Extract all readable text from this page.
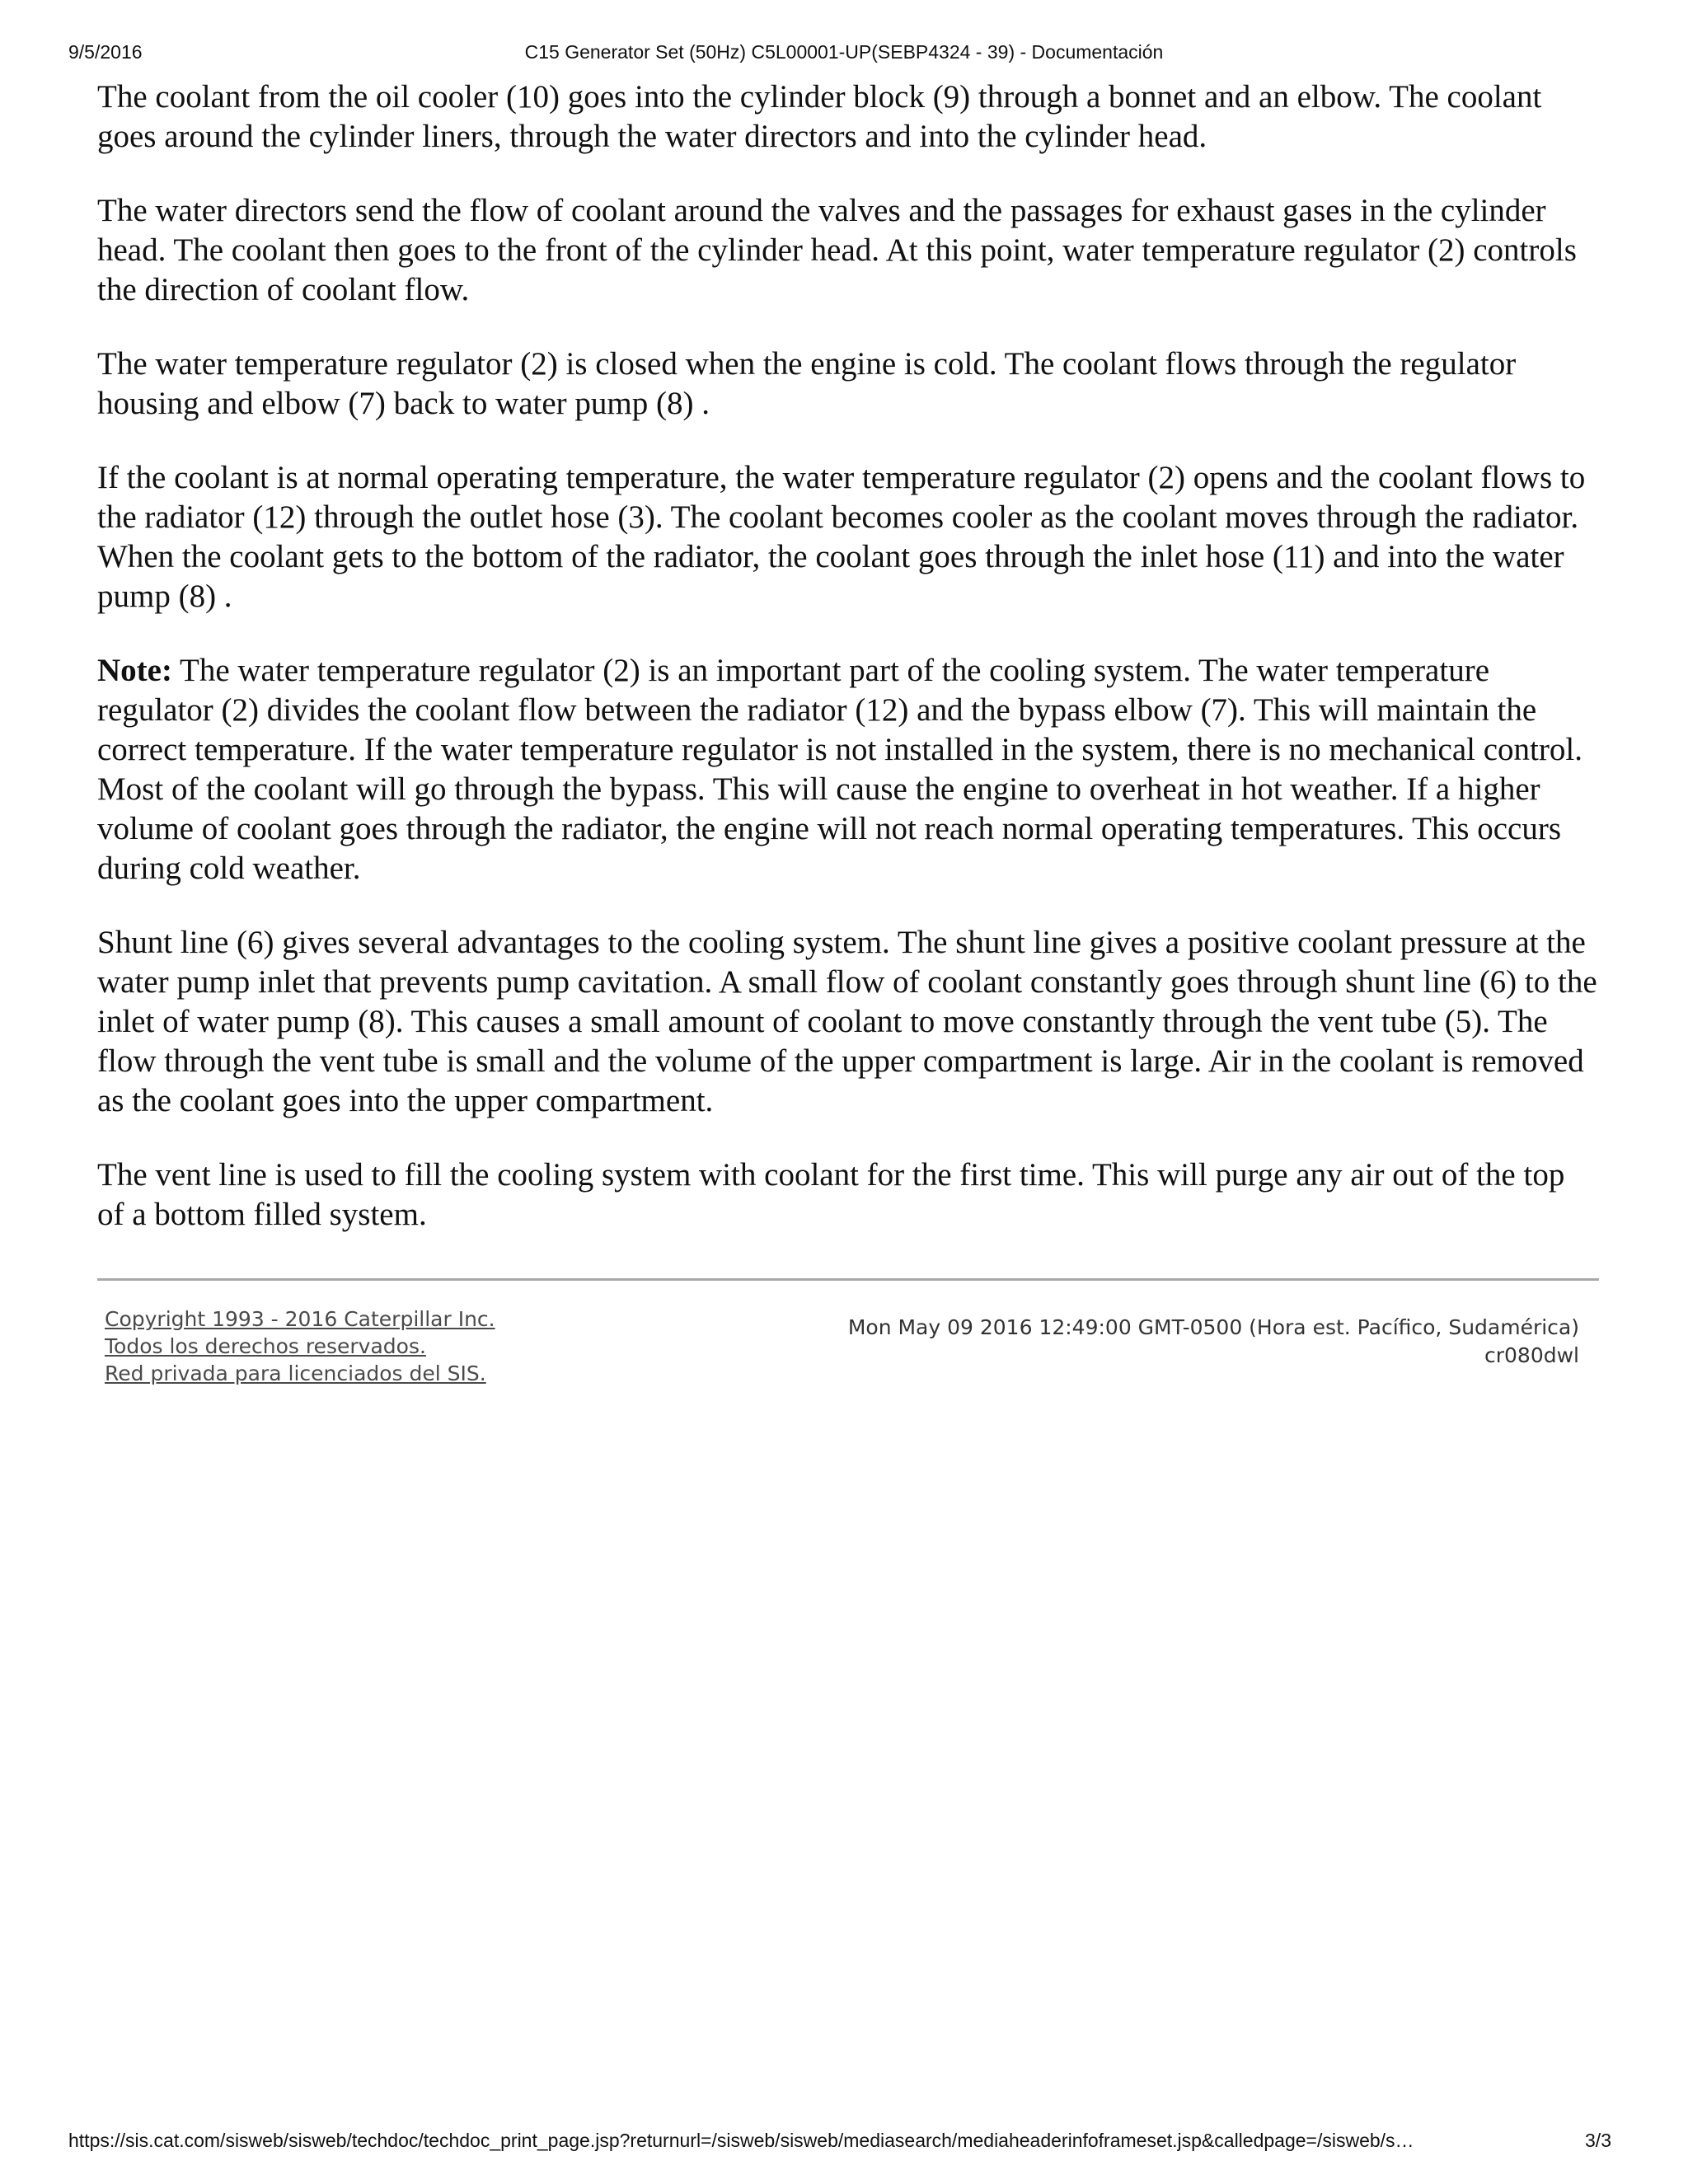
9/5/2016	C15 Generator Set (50Hz) C5L00001-UP(SEBP4324 - 39) - Documentación

The coolant from the oil cooler (10) goes into the cylinder block (9) through a bonnet and an elbow. The coolant goes around the cylinder liners, through the water directors and into the cylinder head.

The water directors send the flow of coolant around the valves and the passages for exhaust gases in the cylinder head. The coolant then goes to the front of the cylinder head. At this point, water temperature regulator (2) controls the direction of coolant flow.

The water temperature regulator (2) is closed when the engine is cold. The coolant flows through the regulator housing and elbow (7) back to water pump (8) .

If the coolant is at normal operating temperature, the water temperature regulator (2) opens and the coolant flows to the radiator (12) through the outlet hose (3). The coolant becomes cooler as the coolant moves through the radiator. When the coolant gets to the bottom of the radiator, the coolant goes through the inlet hose (11) and into the water pump (8) .

Note: The water temperature regulator (2) is an important part of the cooling system. The water temperature regulator (2) divides the coolant flow between the radiator (12) and the bypass elbow (7). This will maintain the correct temperature. If the water temperature regulator is not installed in the system, there is no mechanical control. Most of the coolant will go through the bypass. This will cause the engine to overheat in hot weather. If a higher volume of coolant goes through the radiator, the engine will not reach normal operating temperatures. This occurs during cold weather.

Shunt line (6) gives several advantages to the cooling system. The shunt line gives a positive coolant pressure at the water pump inlet that prevents pump cavitation. A small flow of coolant constantly goes through shunt line (6) to the inlet of water pump (8). This causes a small amount of coolant to move constantly through the vent tube (5). The flow through the vent tube is small and the volume of the upper compartment is large. Air in the coolant is removed as the coolant goes into the upper compartment.

The vent line is used to fill the cooling system with coolant for the first time. This will purge any air out of the top of a bottom filled system.

Copyright 1993 - 2016 Caterpillar Inc.
Todos los derechos reservados.
Red privada para licenciados del SIS.
Mon May 09 2016 12:49:00 GMT-0500 (Hora est. Pacífico, Sudamérica)
cr080dwl
https://sis.cat.com/sisweb/sisweb/techdoc/techdoc_print_page.jsp?returnurl=/sisweb/sisweb/mediasearch/mediaheaderinfoframeset.jsp&calledpage=/sisweb/s…	3/3
